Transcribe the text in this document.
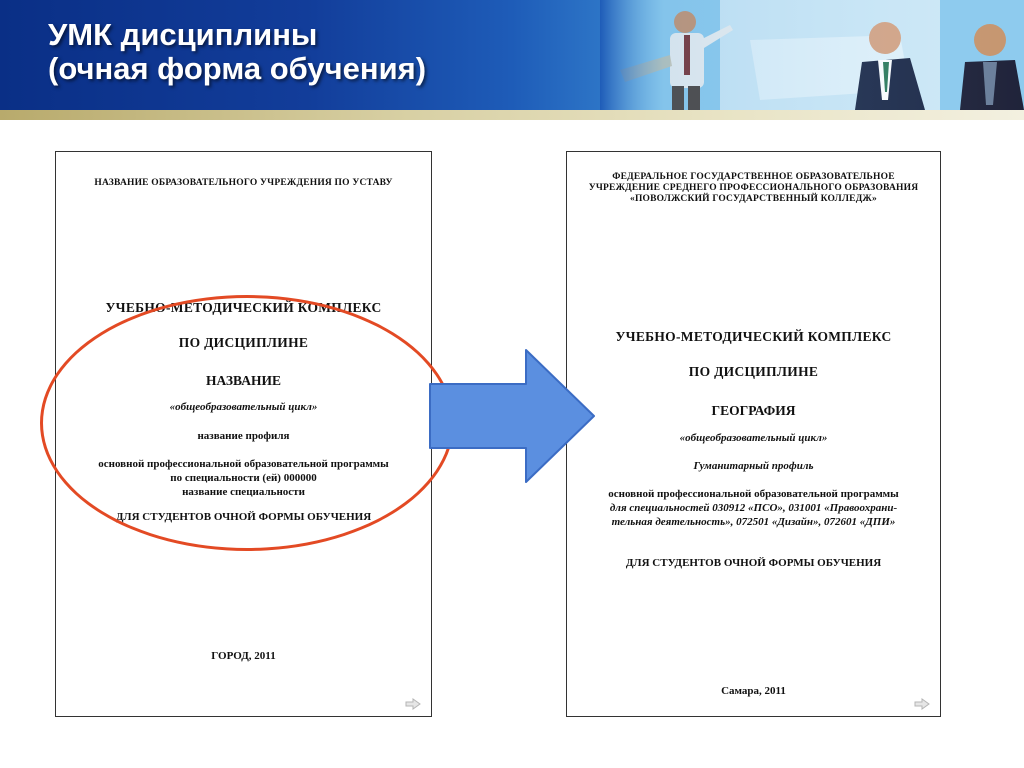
УМК дисциплины
(очная форма обучения)
НАЗВАНИЕ ОБРАЗОВАТЕЛЬНОГО УЧРЕЖДЕНИЯ ПО УСТАВУ
УЧЕБНО-МЕТОДИЧЕСКИЙ КОМПЛЕКС
ПО ДИСЦИПЛИНЕ
НАЗВАНИЕ
«общеобразовательный цикл»
название профиля
основной профессиональной образовательной программы
по специальности (ей) 000000
название специальности
ДЛЯ СТУДЕНТОВ ОЧНОЙ ФОРМЫ ОБУЧЕНИЯ
ГОРОД, 2011
ФЕДЕРАЛЬНОЕ ГОСУДАРСТВЕННОЕ ОБРАЗОВАТЕЛЬНОЕ
УЧРЕЖДЕНИЕ СРЕДНЕГО ПРОФЕССИОНАЛЬНОГО ОБРАЗОВАНИЯ
«ПОВОЛЖСКИЙ ГОСУДАРСТВЕННЫЙ КОЛЛЕДЖ»
УЧЕБНО-МЕТОДИЧЕСКИЙ КОМПЛЕКС
ПО ДИСЦИПЛИНЕ
ГЕОГРАФИЯ
«общеобразовательный цикл»
Гуманитарный профиль
основной профессиональной образовательной программы
для специальностей 030912 «ПСО», 031001 «Правоохрани-
тельная деятельность», 072501 «Дизайн», 072601 «ДПИ»
ДЛЯ СТУДЕНТОВ ОЧНОЙ ФОРМЫ ОБУЧЕНИЯ
Самара, 2011
